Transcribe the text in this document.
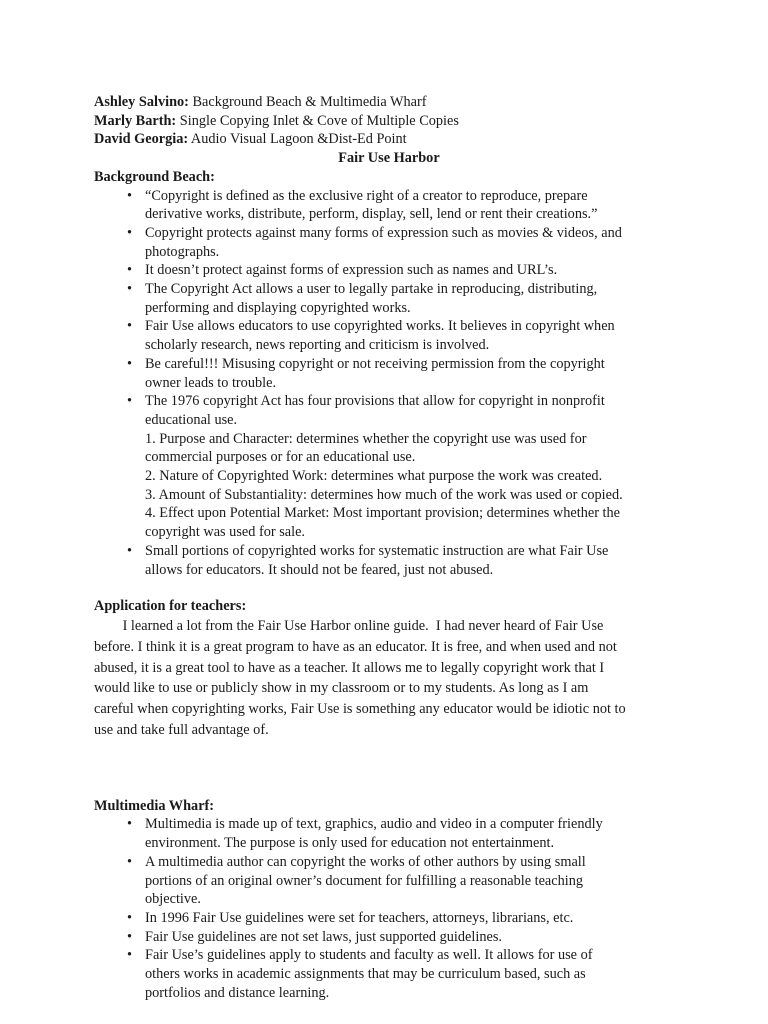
Ashley Salvino: Background Beach & Multimedia Wharf
Marly Barth: Single Copying Inlet & Cove of Multiple Copies
David Georgia: Audio Visual Lagoon &Dist-Ed Point
Fair Use Harbor
Background Beach:
• “Copyright is defined as the exclusive right of a creator to reproduce, prepare
derivative works, distribute, perform, display, sell, lend or rent their creations.”
• Copyright protects against many forms of expression such as movies & videos, and
photographs.
• It doesn’t protect against forms of expression such as names and URL’s.
• The Copyright Act allows a user to legally partake in reproducing, distributing,
performing and displaying copyrighted works.
• Fair Use allows educators to use copyrighted works. It believes in copyright when
scholarly research, news reporting and criticism is involved.
• Be careful!!! Misusing copyright or not receiving permission from the copyright
owner leads to trouble.
• The 1976 copyright Act has four provisions that allow for copyright in nonprofit
educational use.
1. Purpose and Character: determines whether the copyright use was used for
commercial purposes or for an educational use.
2. Nature of Copyrighted Work: determines what purpose the work was created.
3. Amount of Substantiality: determines how much of the work was used or copied.
4. Effect upon Potential Market: Most important provision; determines whether the
copyright was used for sale.
• Small portions of copyrighted works for systematic instruction are what Fair Use
allows for educators. It should not be feared, just not abused.
Application for teachers:
I learned a lot from the Fair Use Harbor online guide.  I had never heard of Fair Use
before. I think it is a great program to have as an educator. It is free, and when used and not
abused, it is a great tool to have as a teacher. It allows me to legally copyright work that I
would like to use or publicly show in my classroom or to my students. As long as I am
careful when copyrighting works, Fair Use is something any educator would be idiotic not to
use and take full advantage of.
Multimedia Wharf:
• Multimedia is made up of text, graphics, audio and video in a computer friendly
environment. The purpose is only used for education not entertainment.
• A multimedia author can copyright the works of other authors by using small
portions of an original owner’s document for fulfilling a reasonable teaching
objective.
• In 1996 Fair Use guidelines were set for teachers, attorneys, librarians, etc.
• Fair Use guidelines are not set laws, just supported guidelines.
• Fair Use’s guidelines apply to students and faculty as well. It allows for use of
others works in academic assignments that may be curriculum based, such as
portfolios and distance learning.
